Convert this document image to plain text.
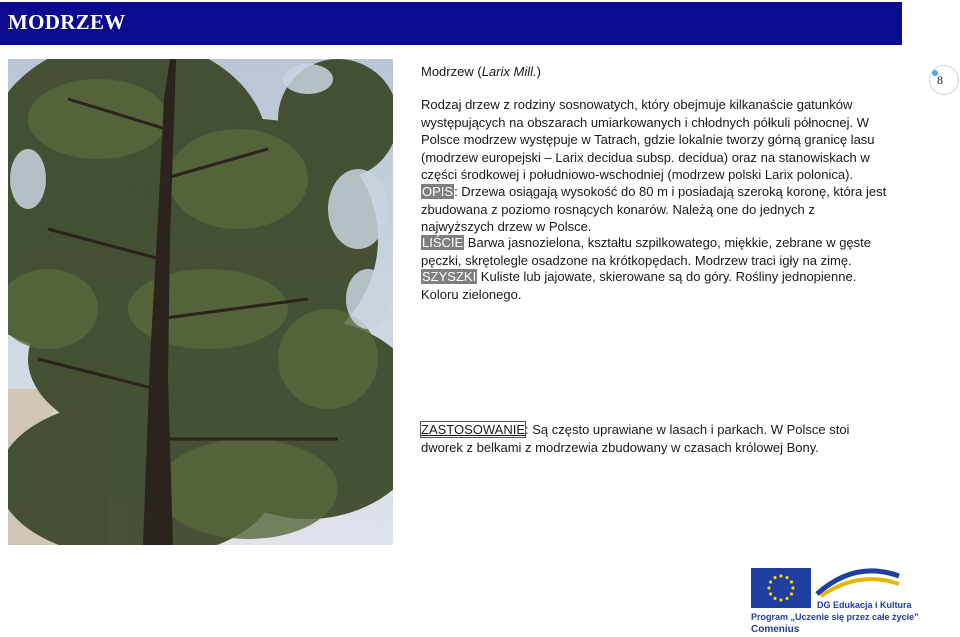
MODRZEW
8

Modrzew (Larix Mill.)

Rodzaj drzew z rodziny sosnowatych, który obejmuje kilkanaście gatunków występujących na obszarach umiarkowanych i chłodnych półkuli północnej. W Polsce modrzew występuje w Tatrach, gdzie lokalnie tworzy górną granicę lasu (modrzew europejski – Larix decidua subsp. decidua) oraz na stanowiskach w części środkowej i południowo-wschodniej (modrzew polski Larix polonica).

OPIS: Drzewa osiągają wysokość do 80 m i posiadają szeroką koronę, która jest zbudowana z poziomo rosnących konarów. Należą one do jednych z najwyższych drzew w Polsce.

LIŚCIE Barwa jasnozielona, kształtu szpilkowatego, miękkie, zebrane w gęste pęczki, skrętolegle osadzone na krótkopędach. Modrzew traci igły na zimę.

SZYSZKI Kuliste lub jajowate, skierowane są do góry. Rośliny jednopienne. Koloru zielonego.

ZASTOSOWANIE: Są często uprawiane w lasach i parkach. W Polsce stoi dworek z belkami z modrzewia zbudowany w czasach królowej Bony.

DG Edukacja i Kultura
Program „Uczenie się przez całe życie”
Comenius
